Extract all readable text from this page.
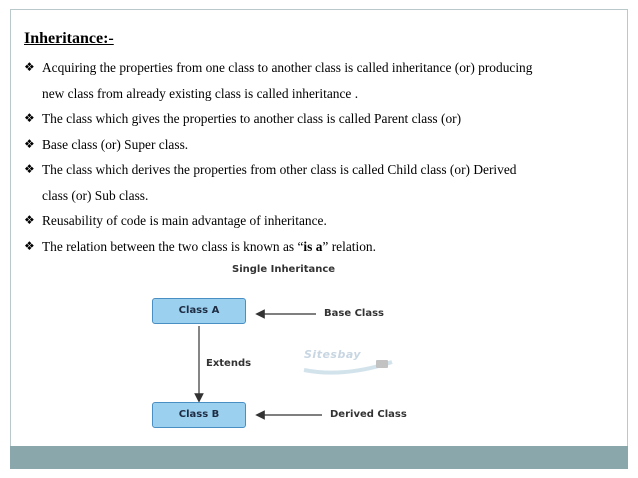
Inheritance:-
❖ Acquiring the properties from one class to another class is called inheritance (or) producing
new class from already existing class is called inheritance .
❖ The class which gives the properties to another class is called Parent class (or)
❖ Base class (or) Super class.
❖ The class which derives the properties from other class is called Child class (or) Derived
class (or) Sub class.
❖ Reusability of code is main advantage of inheritance.
❖ The relation between the two class is known as “is a” relation.
Single Inheritance
Class A
Class B
Extends
Base Class
Derived Class
Sitesbay
